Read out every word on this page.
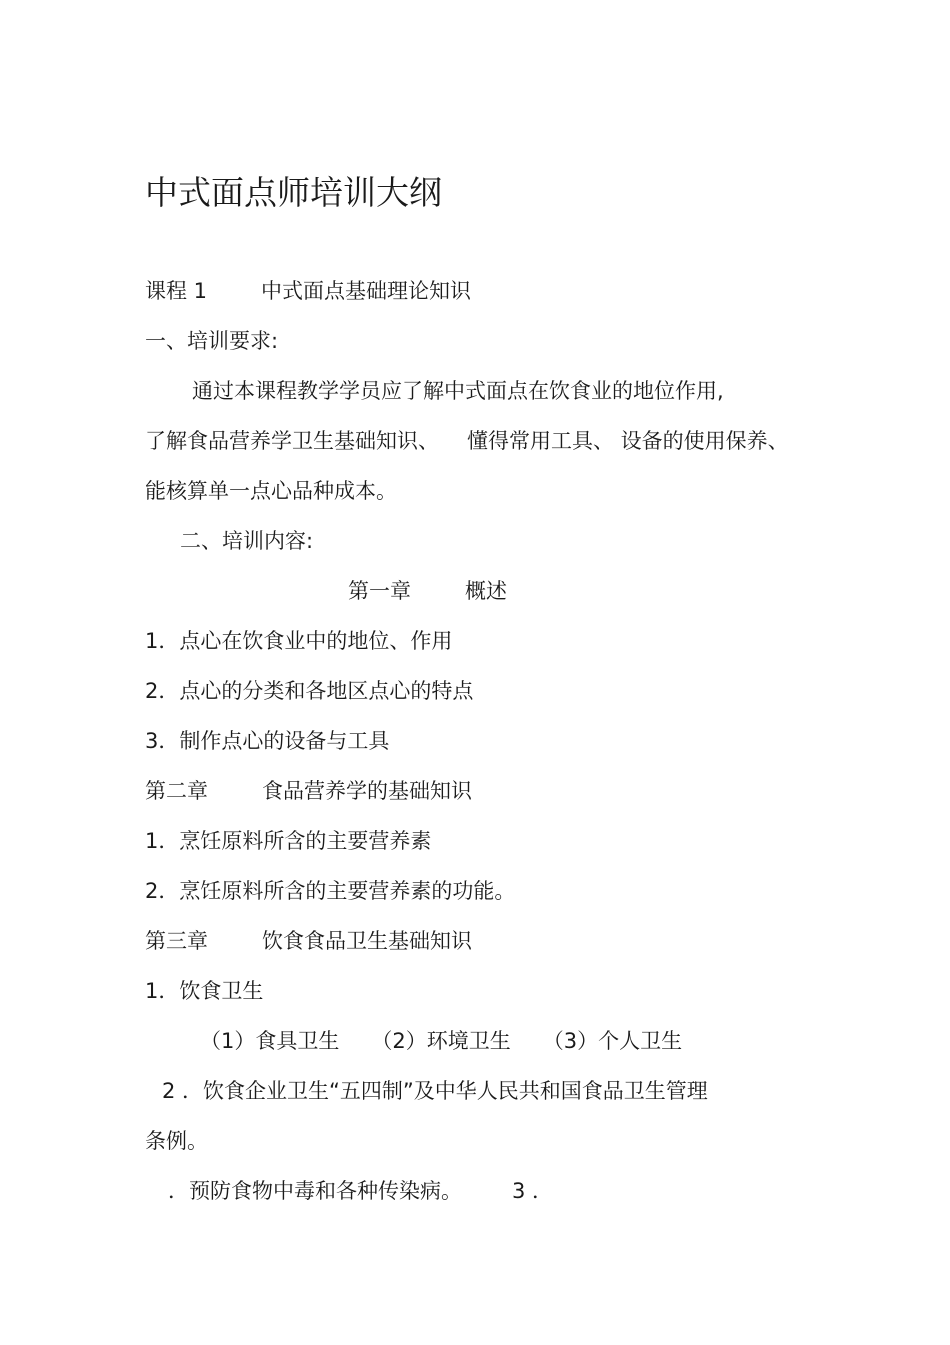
中式面点师培训大纲
课程 1	中式面点基础理论知识
一、培训要求:
通过本课程教学学员应了解中式面点在饮食业的地位作用,
了解食品营养学卫生基础知识、 懂得常用工具、 设备的使用保养、
能核算单一点心品种成本。
二、培训内容:
第一章	概述
1．点心在饮食业中的地位、作用
2．点心的分类和各地区点心的特点
3．制作点心的设备与工具
第二章	食品营养学的基础知识
1．烹饪原料所含的主要营养素
2．烹饪原料所含的主要营养素的功能。
第三章	饮食食品卫生基础知识
1．饮食卫生
（1）食具卫生 （2）环境卫生 （3）个人卫生
2 ．饮食企业卫生“五四制”及中华人民共和国食品卫生管理
条例。
．预防食物中毒和各种传染病。 3 ．
